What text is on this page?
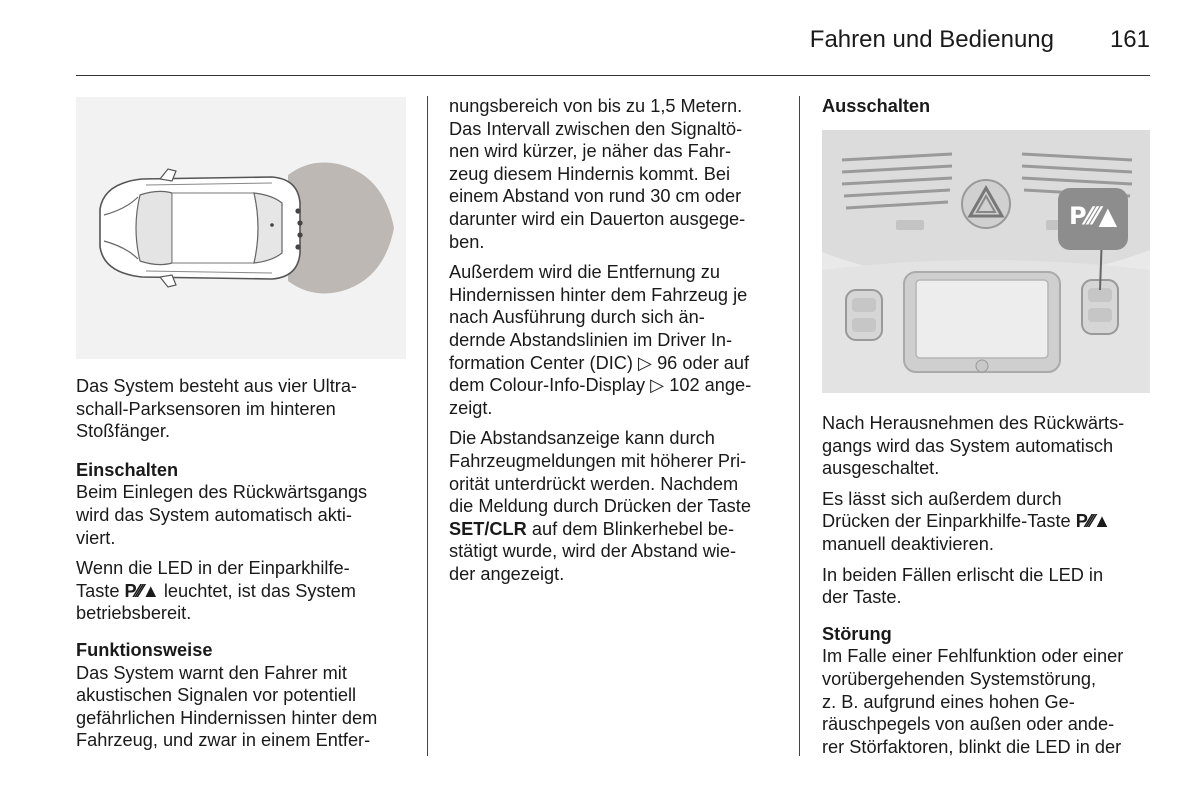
Fahren und Bedienung 161

Das System besteht aus vier Ultra-
schall-Parksensoren im hinteren
Stoßfänger.

Einschalten

Beim Einlegen des Rückwärtsgangs
wird das System automatisch akti-
viert.

Wenn die LED in der Einparkhilfe-
Taste P⁄⁄⁄▲ leuchtet, ist das System
betriebsbereit.

Funktionsweise

Das System warnt den Fahrer mit
akustischen Signalen vor potentiell
gefährlichen Hindernissen hinter dem
Fahrzeug, und zwar in einem Entfer-

nungsbereich von bis zu 1,5 Metern.
Das Intervall zwischen den Signaltö-
nen wird kürzer, je näher das Fahr-
zeug diesem Hindernis kommt. Bei
einem Abstand von rund 30 cm oder
darunter wird ein Dauerton ausgege-
ben.

Außerdem wird die Entfernung zu
Hindernissen hinter dem Fahrzeug je
nach Ausführung durch sich än-
dernde Abstandslinien im Driver In-
formation Center (DIC) ▷ 96 oder auf
dem Colour-Info-Display ▷ 102 ange-
zeigt.

Die Abstandsanzeige kann durch
Fahrzeugmeldungen mit höherer Pri-
orität unterdrückt werden. Nachdem
die Meldung durch Drücken der Taste
SET/CLR auf dem Blinkerhebel be-
stätigt wurde, wird der Abstand wie-
der angezeigt.

Ausschalten
P⁄⁄⁄▲

Nach Herausnehmen des Rückwärts-
gangs wird das System automatisch
ausgeschaltet.

Es lässt sich außerdem durch
Drücken der Einparkhilfe-Taste P⁄⁄⁄▲
manuell deaktivieren.

In beiden Fällen erlischt die LED in
der Taste.

Störung

Im Falle einer Fehlfunktion oder einer
vorübergehenden Systemstörung,
z. B. aufgrund eines hohen Ge-
räuschpegels von außen oder ande-
rer Störfaktoren, blinkt die LED in der
